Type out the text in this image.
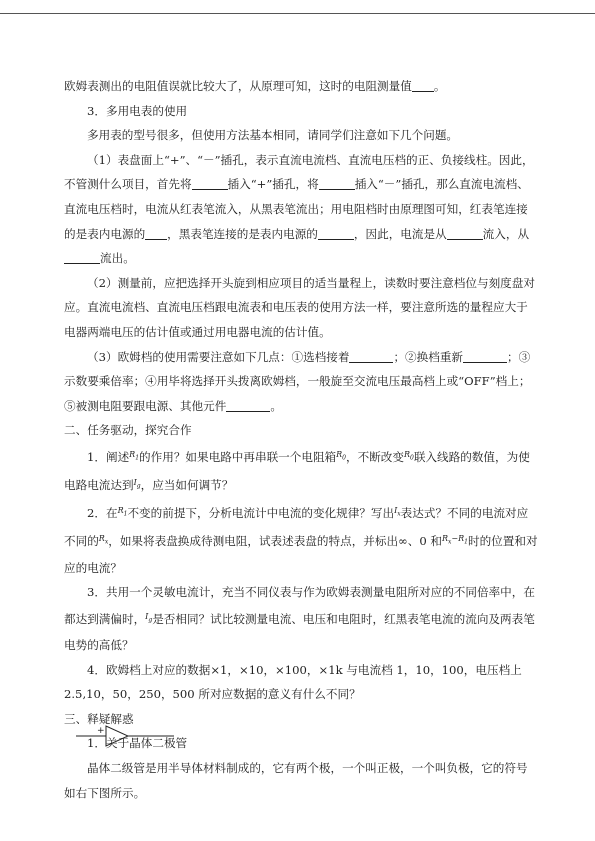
欧姆表测出的电阻值误就比较大了，从原理可知，这时的电阻测量值 。

3．多用电表的使用

多用表的型号很多，但使用方法基本相同，请同学们注意如下几个问题。

（1）表盘面上“+”、“－”插孔，表示直流电流档、直流电压档的正、负接线柱。因此，不管测什么项目，首先将	插入“+”插孔，将	插入“－”插孔，那么直流电流档、直流电压档时，电流从红表笔流入，从黑表笔流出；用电阻档时由原理图可知，红表笔连接的是表内电源的 ，黑表笔连接的是表内电源的	，因此，电流是从	流入，从流出。

（2）测量前，应把选择开头旋到相应项目的适当量程上，读数时要注意档位与刻度盘对应。直流电流档、直流电压档跟电流表和电压表的使用方法一样，要注意所选的量程应大于电器两端电压的估计值或通过用电器电流的估计值。

（3）欧姆档的使用需要注意如下几点：①选档接着	；②换档重新	；③示数要乘倍率；④用毕将选择开头拨离欧姆档，一般旋至交流电压最高档上或“OFF”档上；⑤被测电阻要跟电源、其他元件	。

二、任务驱动，探究合作

1．阐述$^{R_1}$的作用？如果电路中再串联一个电阻箱$^{R_0}$，不断改变$^{R_0}$联入线路的数值，为使电路电流达到$^{I_g}$，应当如何调节？

2．在$^{R_1}$不变的前提下，分析电流计中电流的变化规律？写出$^{I_x}$表达式？不同的电流对应不同的$^{R_x}$，如果将表盘换成待测电阻，试表述表盘的特点，并标出∞、0 和$^{R_x-R_1}$时的位置和对应的电流？

3．共用一个灵敏电流计，充当不同仪表与作为欧姆表测量电阻所对应的不同倍率中，在都达到满偏时，$^{I_g}$是否相同？试比较测量电流、电压和电阻时，红黑表笔电流的流向及两表笔电势的高低？

4．欧姆档上对应的数据×1，×10，×100，×1k 与电流档 1，10，100，电压档上 2.5,10，50，250，500 所对应数据的意义有什么不同？

三、释疑解惑

1．关于晶体二极管

晶体二级管是用半导体材料制成的，它有两个极，一个叫正极，一个叫负极，它的符号如右下图所示。

+
